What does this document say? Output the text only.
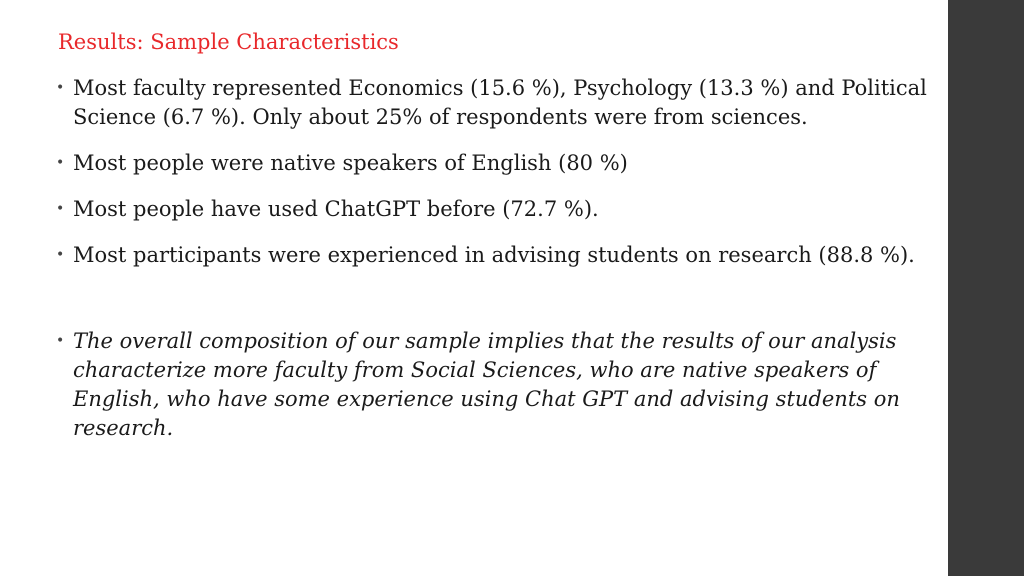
Results: Sample Characteristics
• Most faculty represented Economics (15.6 %), Psychology (13.3 %) and Political Science (6.7 %). Only about 25% of respondents were from sciences.
• Most people were native speakers of English (80 %)
• Most people have used ChatGPT before (72.7 %).
• Most participants were experienced in advising students on research (88.8 %).
• The overall composition of our sample implies that the results of our analysis characterize more faculty from Social Sciences, who are native speakers of English, who have some experience using Chat GPT and advising students on research.
